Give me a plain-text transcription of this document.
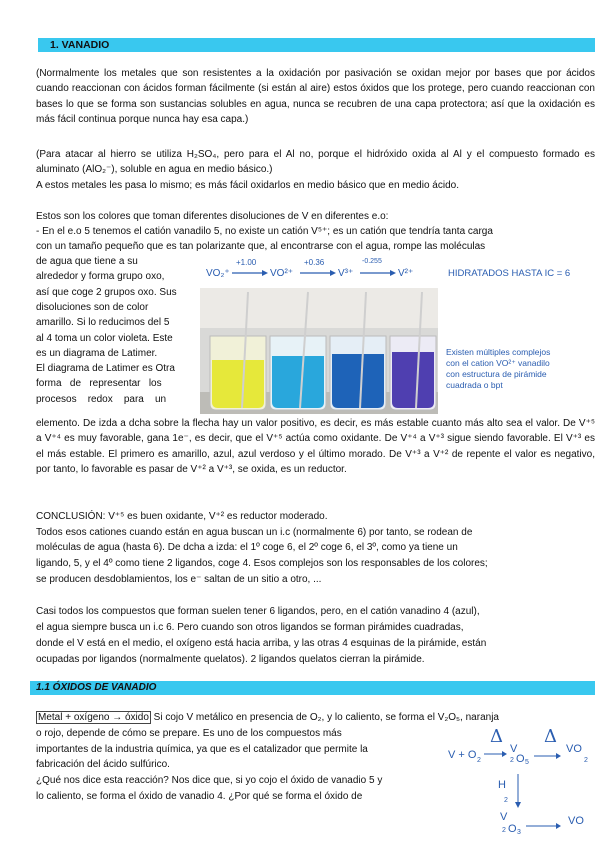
1. VANADIO

(Normalmente los metales que son resistentes a la oxidación por pasivación se oxidan mejor por bases que por ácidos cuando reaccionan con ácidos forman fácilmente (si están al aire) estos óxidos que los protege, pero cuando reaccionan con bases lo que se forma son sustancias solubles en agua, nunca se recubren de una capa protectora; así que la oxidación es más fácil continua porque nunca hay esa capa.)

(Para atacar al hierro se utiliza H₂SO₄, pero para el Al no, porque el hidróxido oxida al Al y el compuesto formado es aluminato (AlO₂⁻), soluble en agua en medio básico.)

A estos metales les pasa lo mismo; es más fácil oxidarlos en medio básico que en medio ácido.

Estos son los colores que toman diferentes disoluciones de V en diferentes e.o:
- En el e.o 5 tenemos el catión vanadilo 5, no existe un catión V⁵⁺; es un catión que tendría tanta carga
con un tamaño pequeño que es tan polarizante que, al encontrarse con el agua, rompe las moléculas
de agua que tiene a su
alrededor y forma grupo oxo,
así que coge 2 grupos oxo. Sus
disoluciones son de color
amarillo. Si lo reducimos del 5
al 4 toma un color violeta. Este
es un diagrama de Latimer.
El diagrama de Latimer es Otra
forma   de   representar   los
procesos    redox    para    un
VO₂⁺
+1.00
VO²⁺
+0.36
V³⁺
-0.255
V²⁺	HIDRATADOS HASTA IC = 6
Existen múltiples complejos
con el cation VO²⁺ vanadilo
con estructura de pirámide
cuadrada o bpt

elemento. De izda a dcha sobre la flecha hay un valor positivo, es decir, es más estable cuanto más alto sea el valor. De V⁺⁵ a V⁺⁴ es muy favorable, gana 1e⁻, es decir, que el V⁺⁵ actúa como oxidante. De V⁺⁴ a V⁺³ sigue siendo favorable. El V⁺³ es el más estable. El primero es amarillo, azul, azul verdoso y el último morado. De V⁺³ a V⁺² de repente el valor es negativo, por tanto, lo favorable es pasar de V⁺² a V⁺³, se oxida, es un reductor.

CONCLUSIÓN: V⁺⁵ es buen oxidante, V⁺² es reductor moderado.
Todos esos cationes cuando están en agua buscan un i.c (normalmente 6) por tanto, se rodean de
moléculas de agua (hasta 6). De dcha a izda: el 1º coge 6, el 2º coge 6, el 3º, como ya tiene un
ligando, 5, y el 4º como tiene 2 ligandos, coge 4. Esos complejos son los responsables de los colores;
se producen desdoblamientos, los e⁻ saltan de un sitio a otro, ...
Casi todos los compuestos que forman suelen tener 6 ligandos, pero, en el catión vanadino 4 (azul),
el agua siempre busca un i.c 6. Pero cuando son otros ligandos se forman pirámides cuadradas,
donde el V está en el medio, el oxígeno está hacia arriba, y las otras 4 esquinas de la pirámide, están
ocupadas por ligandos (normalmente quelatos). 2 ligandos quelatos cierran la pirámide.
1.1 ÓXIDOS DE VANADIO
Metal + oxígeno → óxido Si cojo V metálico en presencia de O₂, y lo caliento, se forma el V₂O₅, naranja
o rojo, depende de cómo se prepare. Es uno de los compuestos más
importantes de la industria química, ya que es el catalizador que permite la
fabricación del ácido sulfúrico.
¿Qué nos dice esta reacción? Nos dice que, si yo cojo el óxido de vanadio 5 y
lo caliento, se forma el óxido de vanadio 4. ¿Por qué se forma el óxido de
Δ Δ
V + O 2
V
2 O 5
VO
2
H
2
V
2 O 3
VO
